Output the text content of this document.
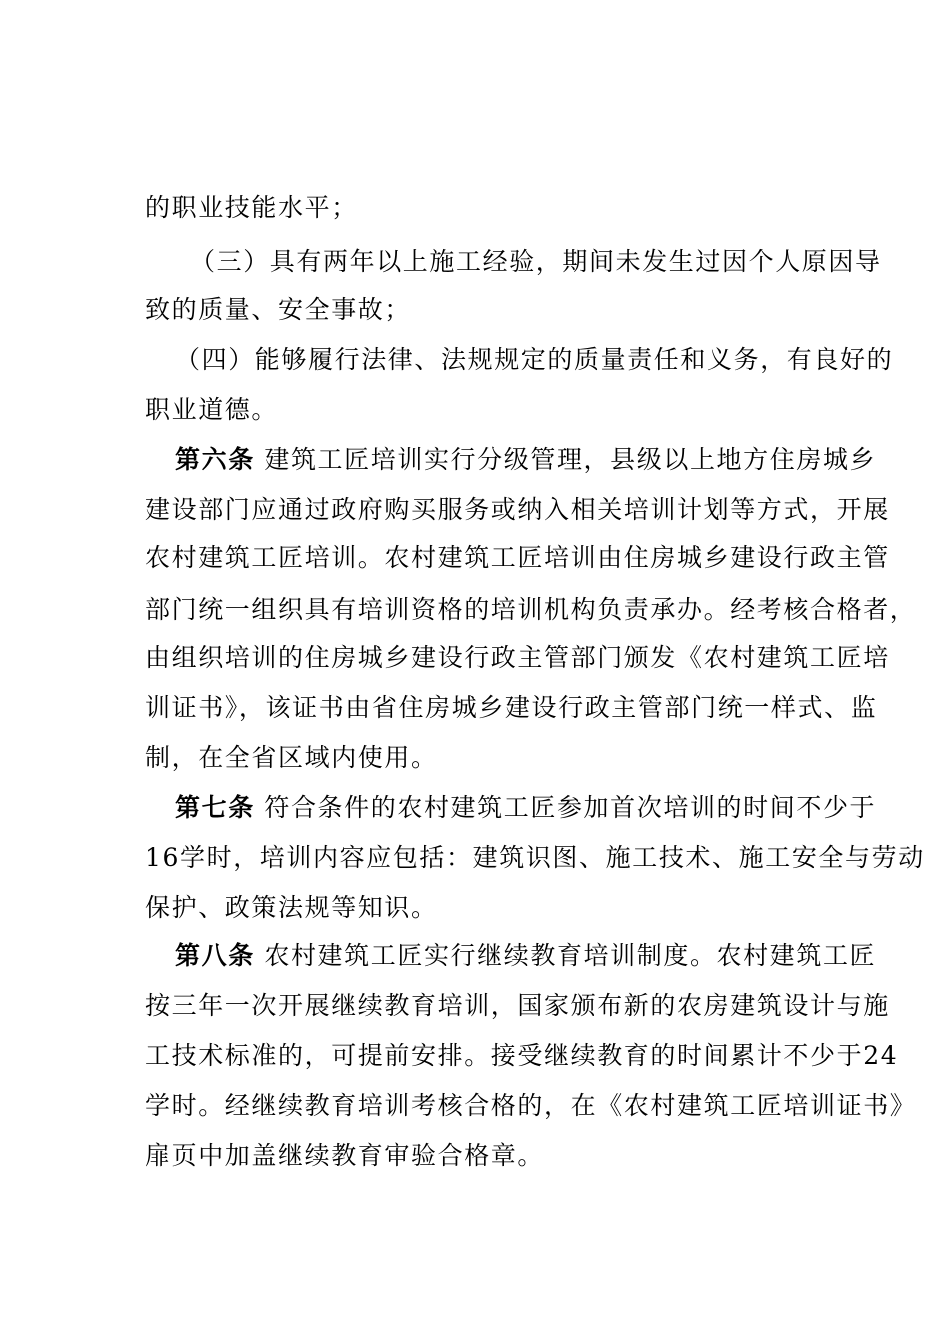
的职业技能水平；
（三）具有两年以上施工经验，期间未发生过因个人原因导
致的质量、安全事故；
（四）能够履行法律、法规规定的质量责任和义务，有良好的
职业道德。
第六条 建筑工匠培训实行分级管理，县级以上地方住房城乡
建设部门应通过政府购买服务或纳入相关培训计划等方式，开展
农村建筑工匠培训。农村建筑工匠培训由住房城乡建设行政主管
部门统一组织具有培训资格的培训机构负责承办。经考核合格者，
由组织培训的住房城乡建设行政主管部门颁发《农村建筑工匠培
训证书》，该证书由省住房城乡建设行政主管部门统一样式、监
制，在全省区域内使用。
第七条 符合条件的农村建筑工匠参加首次培训的时间不少于
16学时，培训内容应包括：建筑识图、施工技术、施工安全与劳动
保护、政策法规等知识。
第八条 农村建筑工匠实行继续教育培训制度。农村建筑工匠
按三年一次开展继续教育培训，国家颁布新的农房建筑设计与施
工技术标准的，可提前安排。接受继续教育的时间累计不少于24
学时。经继续教育培训考核合格的，在《农村建筑工匠培训证书》
扉页中加盖继续教育审验合格章。
